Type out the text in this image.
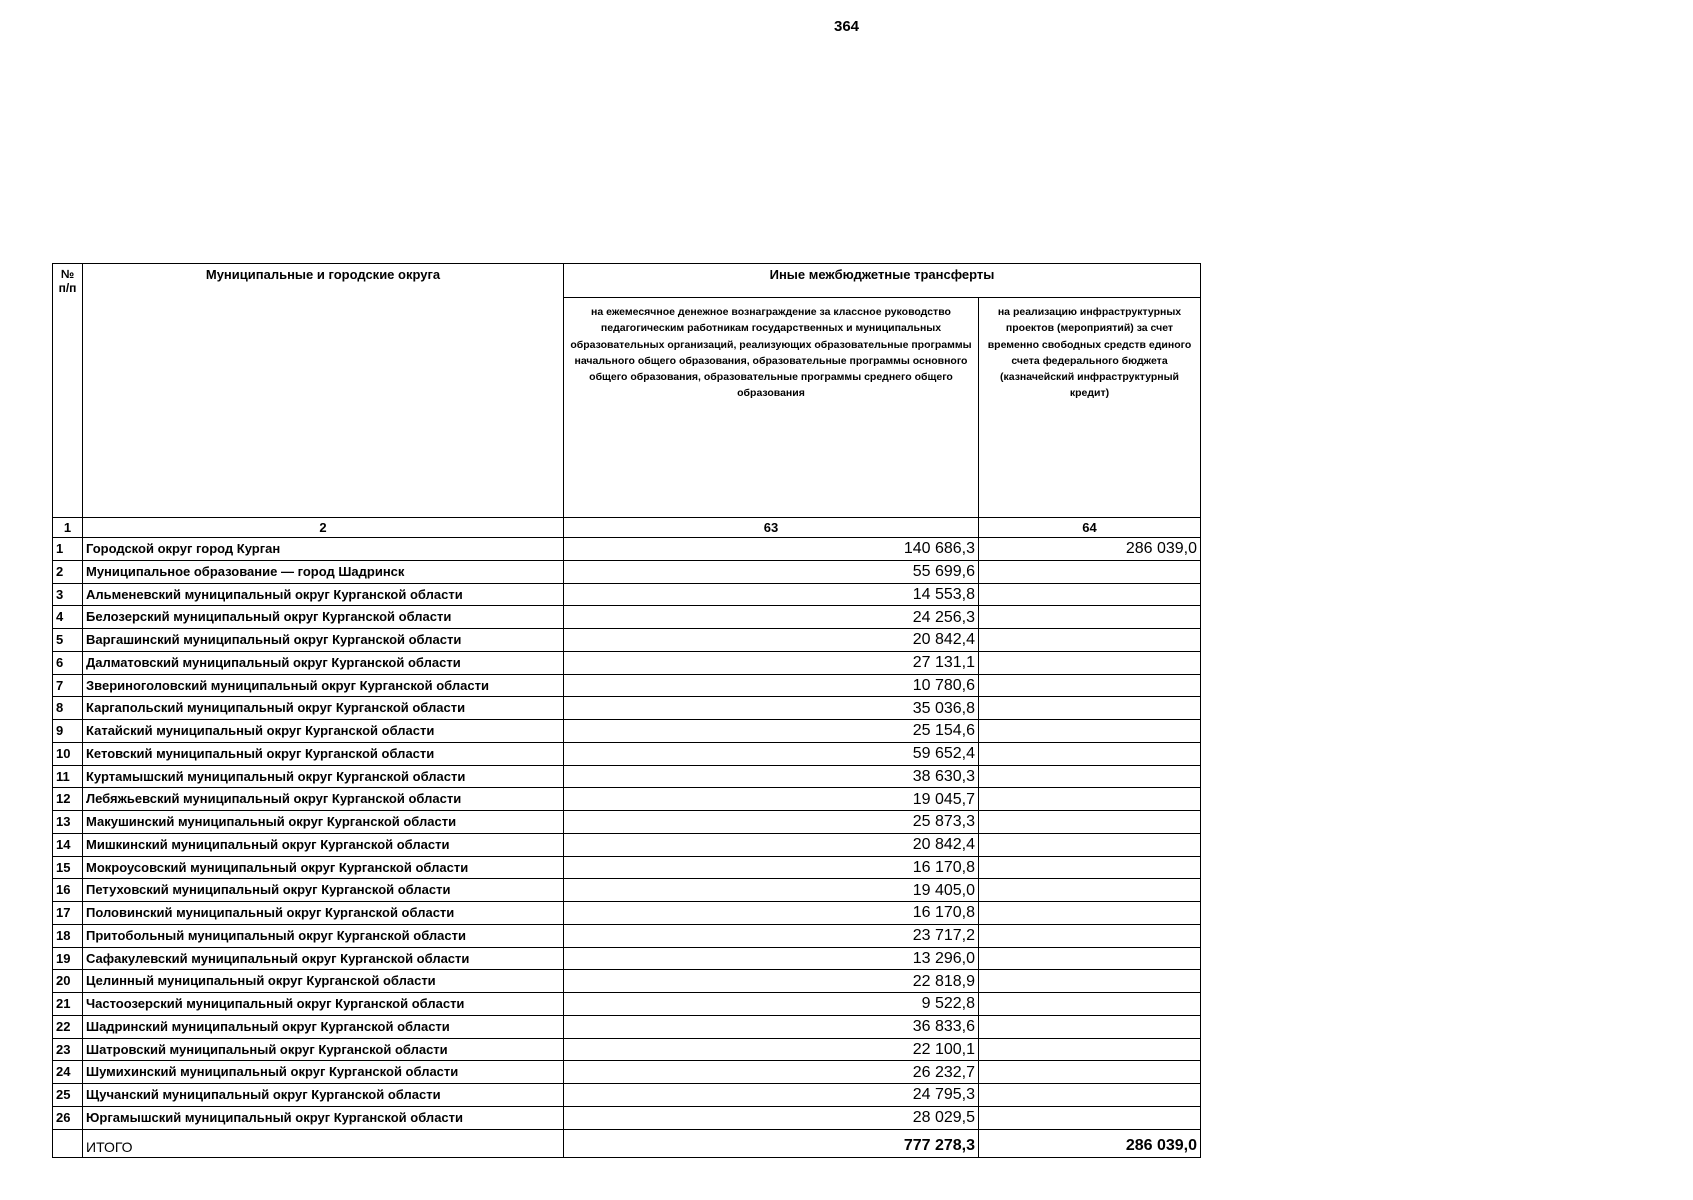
364
№ п/п	Муниципальные и городские округа	Иные межбюджетные трансферты	
		на ежемесячное денежное вознаграждение за классное руководство педагогическим работникам государственных и муниципальных образовательных организаций, реализующих образовательные программы начального общего образования, образовательные программы основного общего образования, образовательные программы среднего общего образования	на реализацию инфраструктурных проектов (мероприятий) за счет временно свободных средств единого счета федерального бюджета (казначейский инфраструктурный кредит)
1	2	63	64
1	Городской округ город Курган	140 686,3	286 039,0
2	Муниципальное образование — город Шадринск	55 699,6	
3	Альменевский муниципальный округ Курганской области	14 553,8	
4	Белозерский муниципальный округ Курганской области	24 256,3	
5	Варгашинский муниципальный округ Курганской области	20 842,4	
6	Далматовский муниципальный округ Курганской области	27 131,1	
7	Звериноголовский муниципальный округ Курганской области	10 780,6	
8	Каргапольский муниципальный округ Курганской области	35 036,8	
9	Катайский муниципальный округ Курганской области	25 154,6	
10	Кетовский муниципальный округ Курганской области	59 652,4	
11	Куртамышский муниципальный округ Курганской области	38 630,3	
12	Лебяжьевский муниципальный округ Курганской области	19 045,7	
13	Макушинский муниципальный округ Курганской области	25 873,3	
14	Мишкинский муниципальный округ Курганской области	20 842,4	
15	Мокроусовский муниципальный округ Курганской области	16 170,8	
16	Петуховский муниципальный округ Курганской области	19 405,0	
17	Половинский муниципальный округ Курганской области	16 170,8	
18	Притобольный муниципальный округ Курганской области	23 717,2	
19	Сафакулевский муниципальный округ Курганской области	13 296,0	
20	Целинный муниципальный округ Курганской области	22 818,9	
21	Частоозерский муниципальный округ Курганской области	9 522,8	
22	Шадринский муниципальный округ Курганской области	36 833,6	
23	Шатровский муниципальный округ Курганской области	22 100,1	
24	Шумихинский муниципальный округ Курганской области	26 232,7	
25	Щучанский муниципальный округ Курганской области	24 795,3	
26	Юргамышский муниципальный округ Курганской области	28 029,5	
	ИТОГО	777 278,3	286 039,0
